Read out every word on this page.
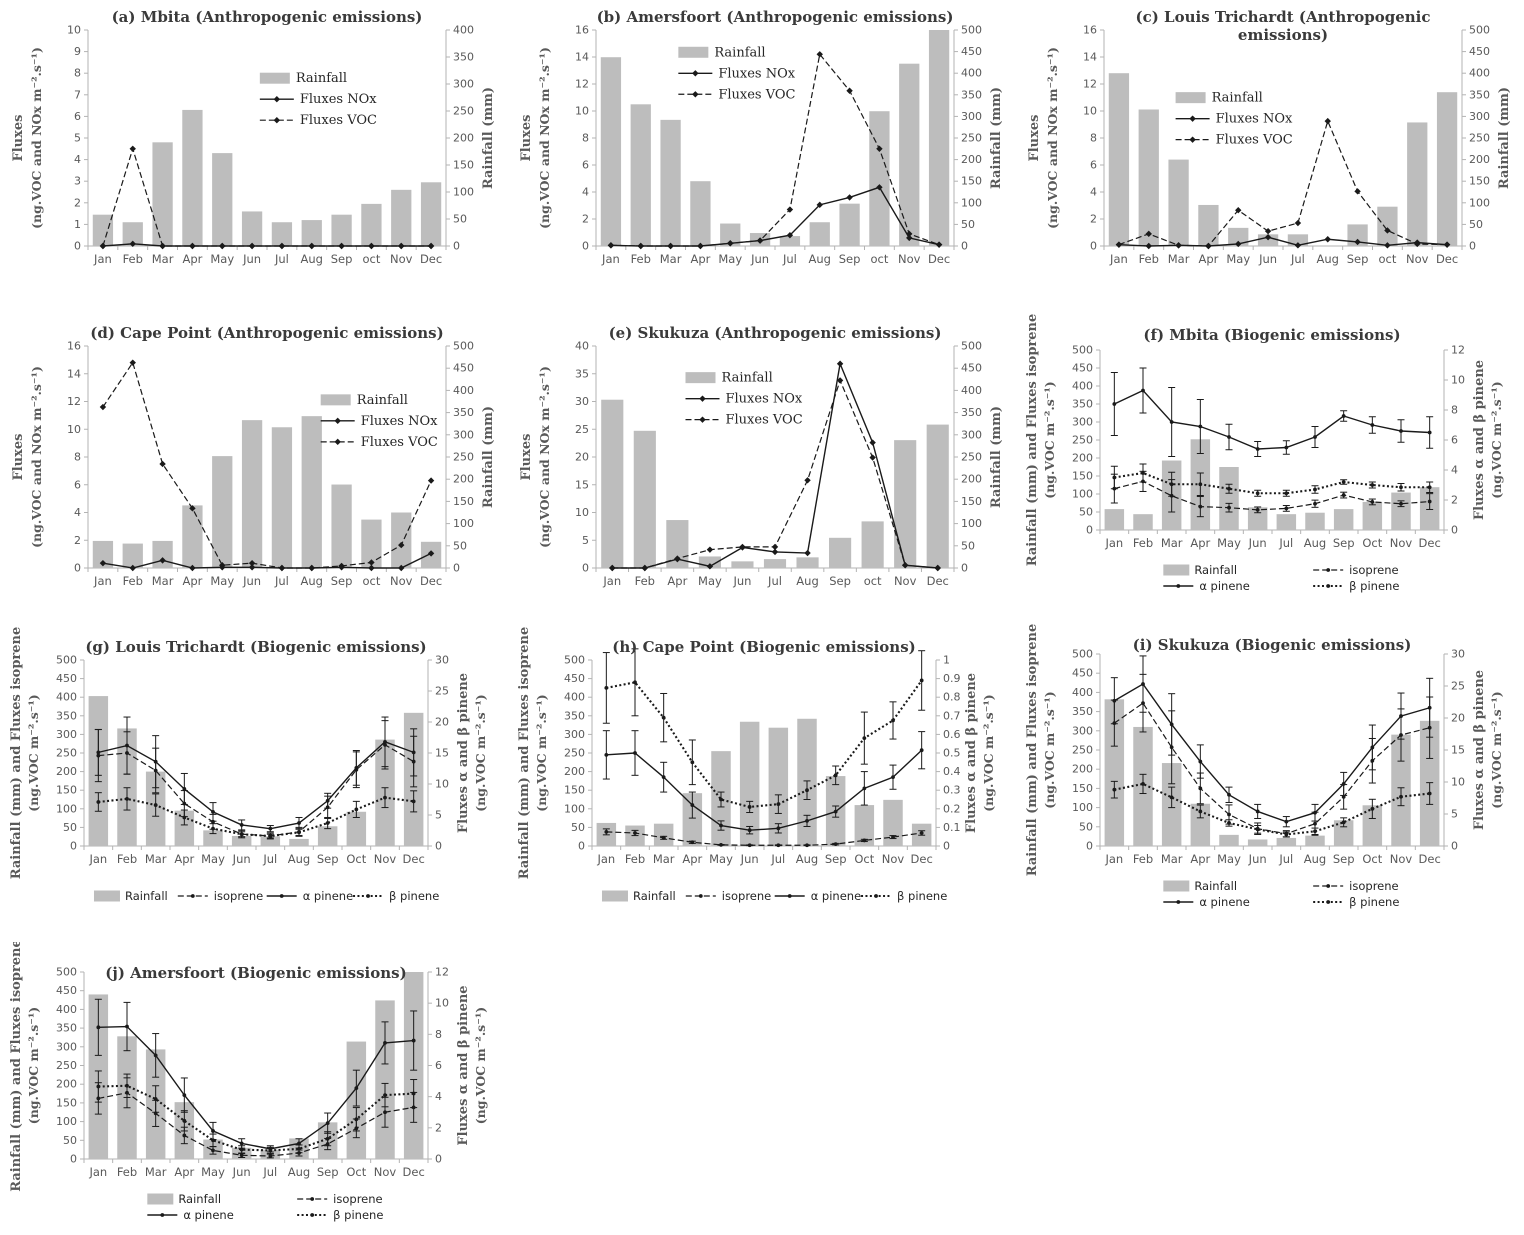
(a) Mbita (Anthropogenic emissions)
0
1
2
3
4
5
6
7
8
9
10
0
50
100
150
200
250
300
350
400
Jan Feb Mar Apr May Jun Jul Aug Sep oct Nov Dec
Fluxes (ng.VOC and NOx m⁻².s⁻¹)	Rainfall (mm)
Rainfall
Fluxes NOx
Fluxes VOC
(b) Amersfoort (Anthropogenic emissions)
0
2
4
6
8
10
12
14
16
0
50
100
150
200
250
300
350
400
450
500
Jan Feb Mar Apr May Jun Jul Aug Sep oct Nov Dec
Fluxes (ng.VOC and NOx m⁻².s⁻¹)	Rainfall (mm)
Rainfall
Fluxes NOx
Fluxes VOC
(c) Louis Trichardt (Anthropogenic emissions)
0
2
4
6
8
10
12
14
16
0
50
100
150
200
250
300
350
400
450
500
Jan Feb Mar Apr May Jun Jul Aug Sep oct Nov Dec
Fluxes (ng.VOC and NOx m⁻².s⁻¹)	Rainfall (mm)
Rainfall
Fluxes NOx
Fluxes VOC
(d) Cape Point (Anthropogenic emissions)
0
2
4
6
8
10
12
14
16
0
50
100
150
200
250
300
350
400
450
500
Jan Feb Mar Apr May Jun Jul Aug Sep oct Nov Dec
Fluxes (ng.VOC and NOx m⁻².s⁻¹)	Rainfall (mm)
Rainfall
Fluxes NOx
Fluxes VOC
(e) Skukuza (Anthropogenic emissions)
0
5
10
15
20
25
30
35
40
0
50
100
150
200
250
300
350
400
450
500
Jan Feb Apr May Jun Jul Aug Sep oct Nov Dec
Fluxes (ng.VOC and NOx m⁻².s⁻¹)	Rainfall (mm)
Rainfall
Fluxes NOx
Fluxes VOC
(f) Mbita (Biogenic emissions)
0
50
100
150
200
250
300
350
400
450
500
0
2
4
6
8
10
12
Jan Feb Mar Apr May Jun Jul Aug Sep Oct Nov Dec
Rainfall (mm) and Fluxes isoprene (ng.VOC m⁻².s⁻¹)	Fluxes α and β pinene (ng.VOC m⁻².s⁻¹)
Rainfall	isoprene
α pinene	β pinene
(g) Louis Trichardt (Biogenic emissions)
0
50
100
150
200
250
300
350
400
450
500
0
5
10
15
20
25
30
Jan Feb Mar Apr May Jun Jul Aug Sep Oct Nov Dec
Rainfall (mm) and Fluxes isoprene (ng.VOC m⁻².s⁻¹)	Fluxes α and β pinene (ng.VOC m⁻².s⁻¹)
Rainfall	isoprene	α pinene	β pinene
(h) Cape Point (Biogenic emissions)
0
50
100
150
200
250
300
350
400
450
500
0
0.1
0.2
0.3
0.4
0.5
0.6
0.7
0.8
0.9
1
Jan Feb Mar Apr May Jun Jul Aug Sep Oct Nov Dec
Rainfall (mm) and Fluxes isoprene (ng.VOC m⁻².s⁻¹)	Fluxes α and β pinene (ng.VOC m⁻².s⁻¹)
Rainfall	isoprene	α pinene	β pinene
(i) Skukuza (Biogenic emissions)
0
50
100
150
200
250
300
350
400
450
500
0
5
10
15
20
25
30
Jan Feb Mar Apr May Jun Jul Aug Sep Oct Nov Dec
Rainfall (mm) and Fluxes isoprene (ng.VOC m⁻².s⁻¹)	Fluxes α and β pinene (ng.VOC m⁻².s⁻¹)
Rainfall	isoprene
α pinene	β pinene
(j) Amersfoort (Biogenic emissions)
0
50
100
150
200
250
300
350
400
450
500
0
2
4
6
8
10
12
Jan Feb Mar Apr May Jun Jul Aug Sep Oct Nov Dec
Rainfall (mm) and Fluxes isoprene (ng.VOC m⁻².s⁻¹)	Fluxes α and β pinene (ng.VOC m⁻².s⁻¹)
Rainfall	isoprene
α pinene	β pinene
